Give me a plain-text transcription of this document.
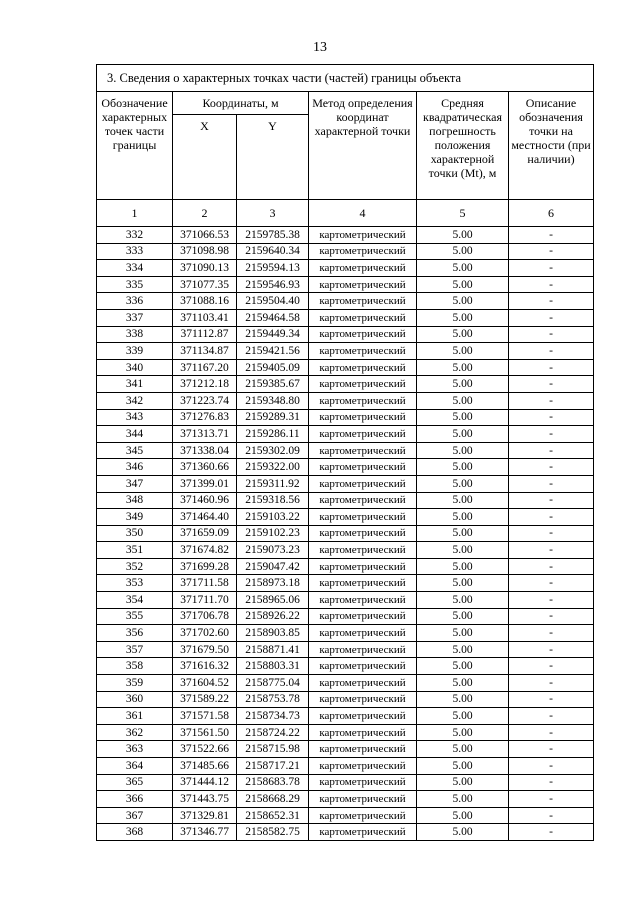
13
3. Сведения о характерных точках части (частей) границы объекта					
Обозначение характерных точек части границы	Координаты, м		Метод определения координат характерной точки	Средняя квадратическая погрешность положения характерной точки (Mt), м	Описание обозначения точки на местности (при наличии)
	X	Y			
1	2	3	4	5	6
332	371066.53	2159785.38	картометрический	5.00	-
333	371098.98	2159640.34	картометрический	5.00	-
334	371090.13	2159594.13	картометрический	5.00	-
335	371077.35	2159546.93	картометрический	5.00	-
336	371088.16	2159504.40	картометрический	5.00	-
337	371103.41	2159464.58	картометрический	5.00	-
338	371112.87	2159449.34	картометрический	5.00	-
339	371134.87	2159421.56	картометрический	5.00	-
340	371167.20	2159405.09	картометрический	5.00	-
341	371212.18	2159385.67	картометрический	5.00	-
342	371223.74	2159348.80	картометрический	5.00	-
343	371276.83	2159289.31	картометрический	5.00	-
344	371313.71	2159286.11	картометрический	5.00	-
345	371338.04	2159302.09	картометрический	5.00	-
346	371360.66	2159322.00	картометрический	5.00	-
347	371399.01	2159311.92	картометрический	5.00	-
348	371460.96	2159318.56	картометрический	5.00	-
349	371464.40	2159103.22	картометрический	5.00	-
350	371659.09	2159102.23	картометрический	5.00	-
351	371674.82	2159073.23	картометрический	5.00	-
352	371699.28	2159047.42	картометрический	5.00	-
353	371711.58	2158973.18	картометрический	5.00	-
354	371711.70	2158965.06	картометрический	5.00	-
355	371706.78	2158926.22	картометрический	5.00	-
356	371702.60	2158903.85	картометрический	5.00	-
357	371679.50	2158871.41	картометрический	5.00	-
358	371616.32	2158803.31	картометрический	5.00	-
359	371604.52	2158775.04	картометрический	5.00	-
360	371589.22	2158753.78	картометрический	5.00	-
361	371571.58	2158734.73	картометрический	5.00	-
362	371561.50	2158724.22	картометрический	5.00	-
363	371522.66	2158715.98	картометрический	5.00	-
364	371485.66	2158717.21	картометрический	5.00	-
365	371444.12	2158683.78	картометрический	5.00	-
366	371443.75	2158668.29	картометрический	5.00	-
367	371329.81	2158652.31	картометрический	5.00	-
368	371346.77	2158582.75	картометрический	5.00	-
